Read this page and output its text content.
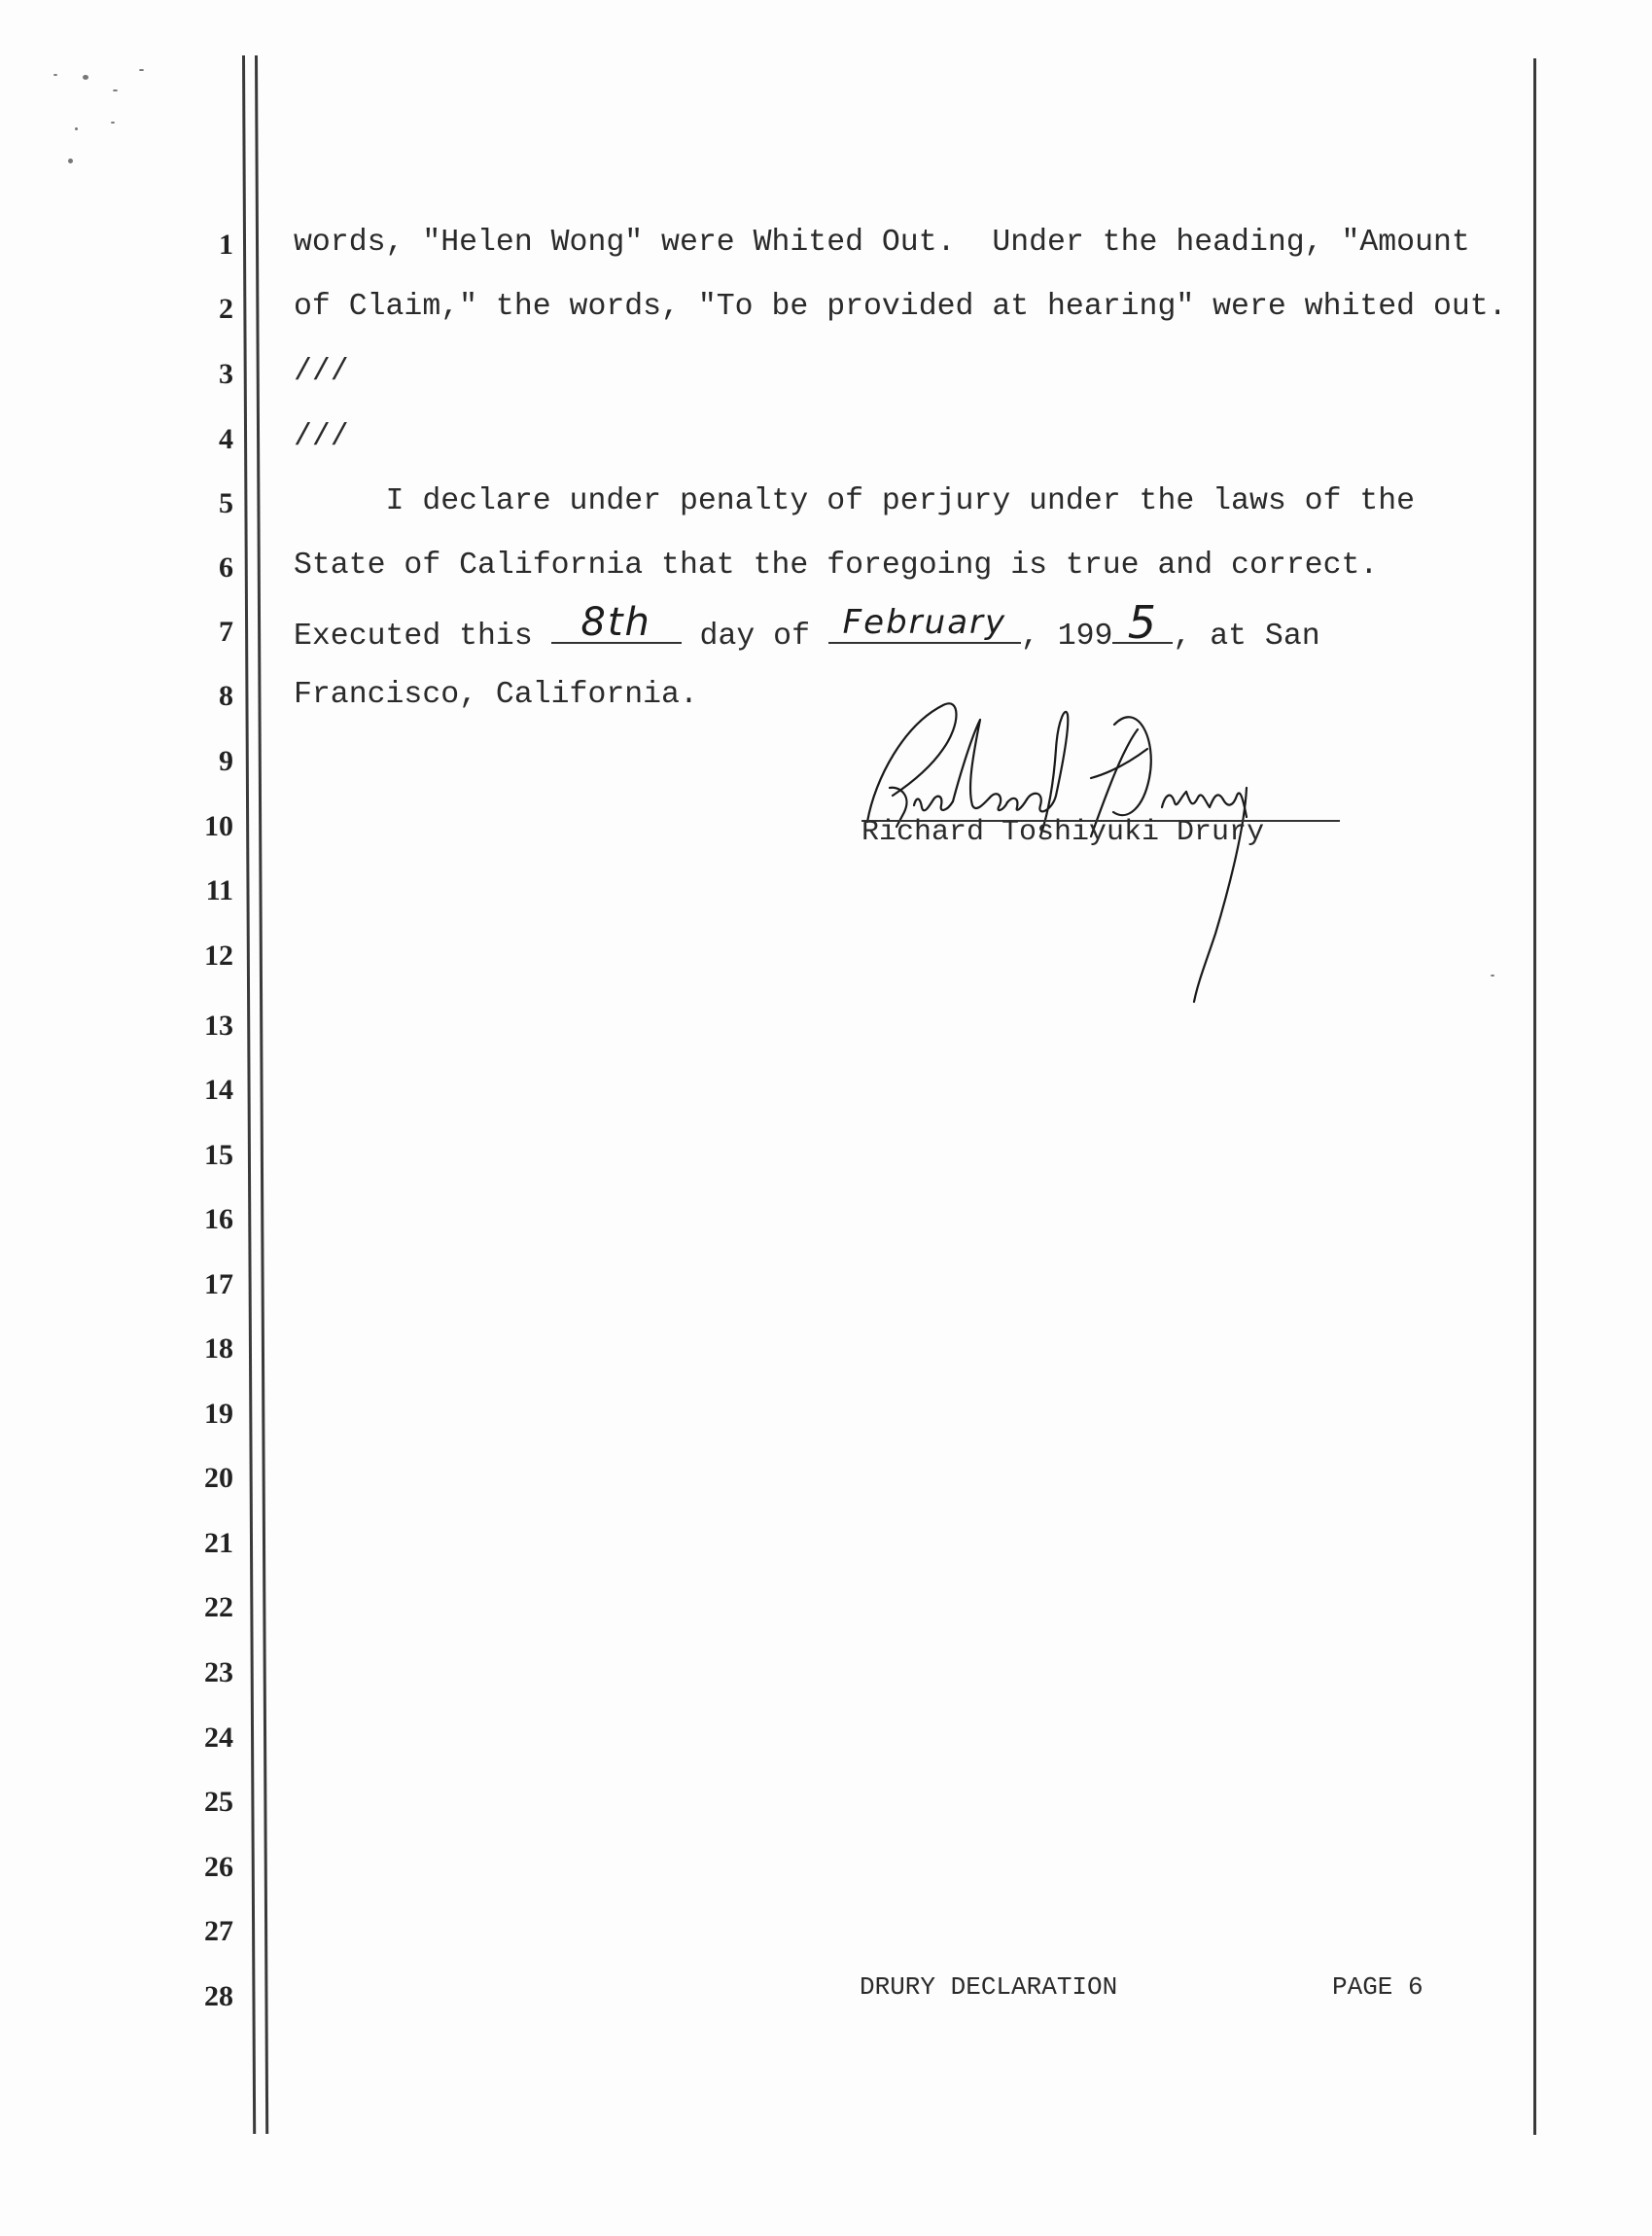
1
2
3
4
5
6
7
8
9
10
11
12
13
14
15
16
17
18
19
20
21
22
23
24
25
26
27
28
words, "Helen Wong" were Whited Out.  Under the heading, "Amount
of Claim," the words, "To be provided at hearing" were whited out.
///
///
I declare under penalty of perjury under the laws of the
State of California that the foregoing is true and correct.
Executed this 8th day of February , 199 5 , at San
Francisco, California.
Richard Toshiyuki Drury
DRURY DECLARATION	PAGE 6
